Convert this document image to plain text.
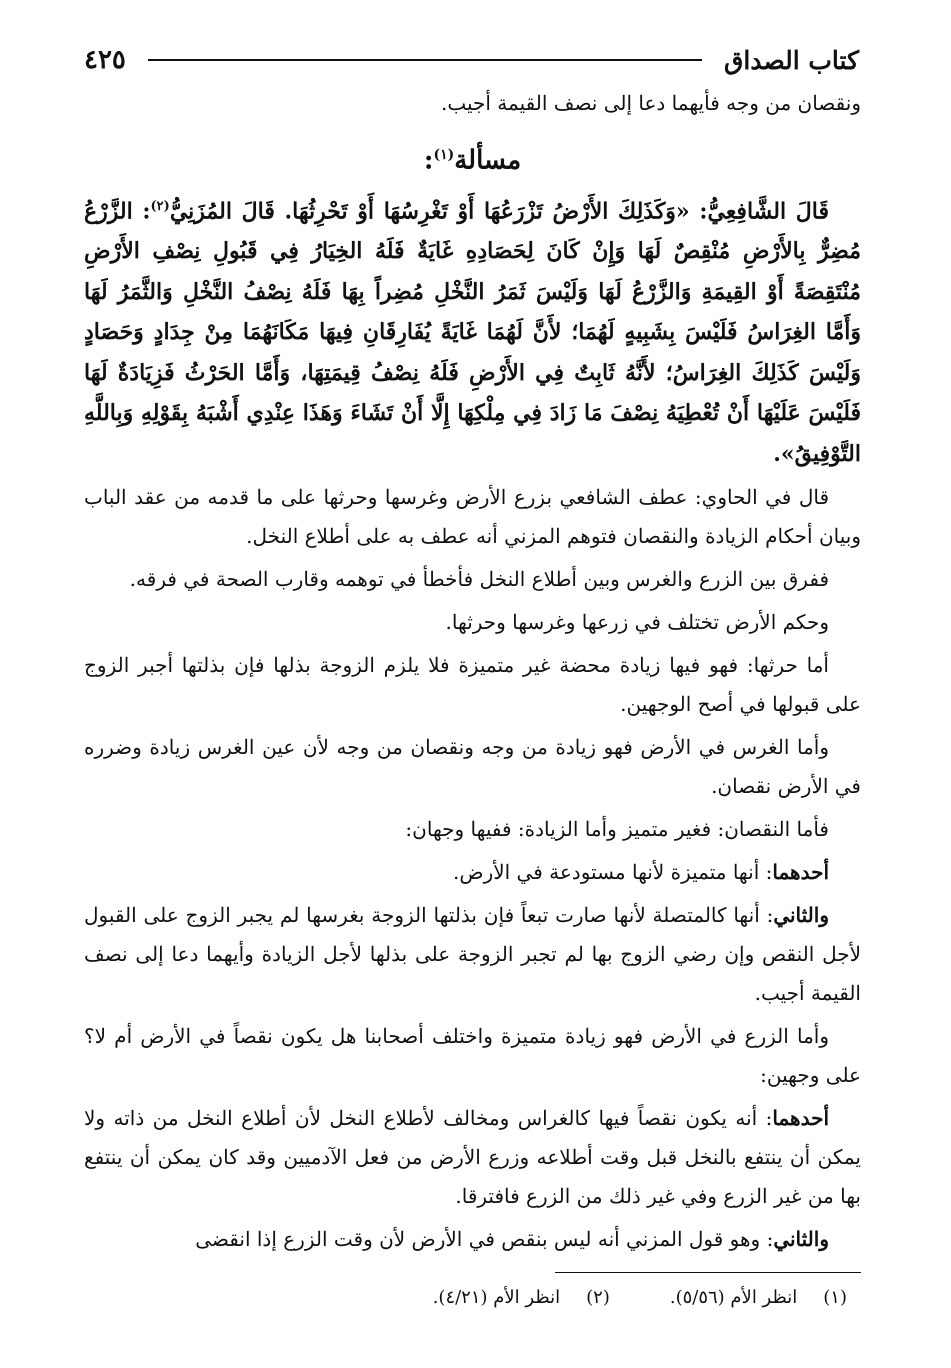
كتاب الصداق
٤٢٥

ونقصان من وجه فأيهما دعا إلى نصف القيمة أجيب.

مسألة$^{(١)}$:

قَالَ الشَّافِعِيُّ: «وَكَذَلِكَ الأَرْضُ تَزْرَعُهَا أَوْ تَغْرِسُهَا أَوْ تَحْرِثُهَا. قَالَ المُزَنِيُّ$^{(٢)}$: الزَّرْعُ مُضِرٌّ بِالأَرْضِ مُنْقِصٌ لَهَا وَإِنْ كَانَ لِحَصَادِهِ غَايَةٌ فَلَهُ الخِيَارُ فِي قَبُولِ نِصْفِ الأَرْضِ مُنْتَقِصَةً أَوْ القِيمَةِ وَالزَّرْعُ لَهَا وَلَيْسَ ثَمَرُ النَّخْلِ مُضِراً بِهَا فَلَهُ نِصْفُ النَّخْلِ وَالثَّمَرُ لَهَا وَأَمَّا الغِرَاسُ فَلَيْسَ بِشَبِيهٍ لَهُمَا؛ لأَنَّ لَهُمَا غَايَةً يُفَارِقَانِ فِيهَا مَكَانَهُمَا مِنْ جِدَادٍ وَحَصَادٍ وَلَيْسَ كَذَلِكَ الغِرَاسُ؛ لأَنَّهُ ثَابِتٌ فِي الأَرْضِ فَلَهُ نِصْفُ قِيمَتِهَا، وَأَمَّا الحَرْثُ فَزِيَادَةٌ لَهَا فَلَيْسَ عَلَيْهَا أَنْ تُعْطِيَهُ نِصْفَ مَا زَادَ فِي مِلْكِهَا إِلَّا أَنْ تَشَاءَ وَهَذَا عِنْدِي أَشْبَهُ بِقَوْلِهِ وَبِاللَّهِ التَّوْفِيقُ».

قال في الحاوي: عطف الشافعي بزرع الأرض وغرسها وحرثها على ما قدمه من عقد الباب وبيان أحكام الزيادة والنقصان فتوهم المزني أنه عطف به على أطلاع النخل.

ففرق بين الزرع والغرس وبين أطلاع النخل فأخطأ في توهمه وقارب الصحة في فرقه.

وحكم الأرض تختلف في زرعها وغرسها وحرثها.

أما حرثها: فهو فيها زيادة محضة غير متميزة فلا يلزم الزوجة بذلها فإن بذلتها أجبر الزوج على قبولها في أصح الوجهين.

وأما الغرس في الأرض فهو زيادة من وجه ونقصان من وجه لأن عين الغرس زيادة وضرره في الأرض نقصان.

فأما النقصان: فغير متميز وأما الزيادة: ففيها وجهان:

أحدهما: أنها متميزة لأنها مستودعة في الأرض.

والثاني: أنها كالمتصلة لأنها صارت تبعاً فإن بذلتها الزوجة بغرسها لم يجبر الزوج على القبول لأجل النقص وإن رضي الزوج بها لم تجبر الزوجة على بذلها لأجل الزيادة وأيهما دعا إلى نصف القيمة أجيب.

وأما الزرع في الأرض فهو زيادة متميزة واختلف أصحابنا هل يكون نقصاً في الأرض أم لا؟ على وجهين:

أحدهما: أنه يكون نقصاً فيها كالغراس ومخالف لأطلاع النخل لأن أطلاع النخل من ذاته ولا يمكن أن ينتفع بالنخل قبل وقت أطلاعه وزرع الأرض من فعل الآدميين وقد كان يمكن أن ينتفع بها من غير الزرع وفي غير ذلك من الزرع فافترقا.

والثاني: وهو قول المزني أنه ليس بنقص في الأرض لأن وقت الزرع إذا انقضى

(١)انظر الأم (٥/٥٦).
(٢)انظر الأم (٤/٢١).
